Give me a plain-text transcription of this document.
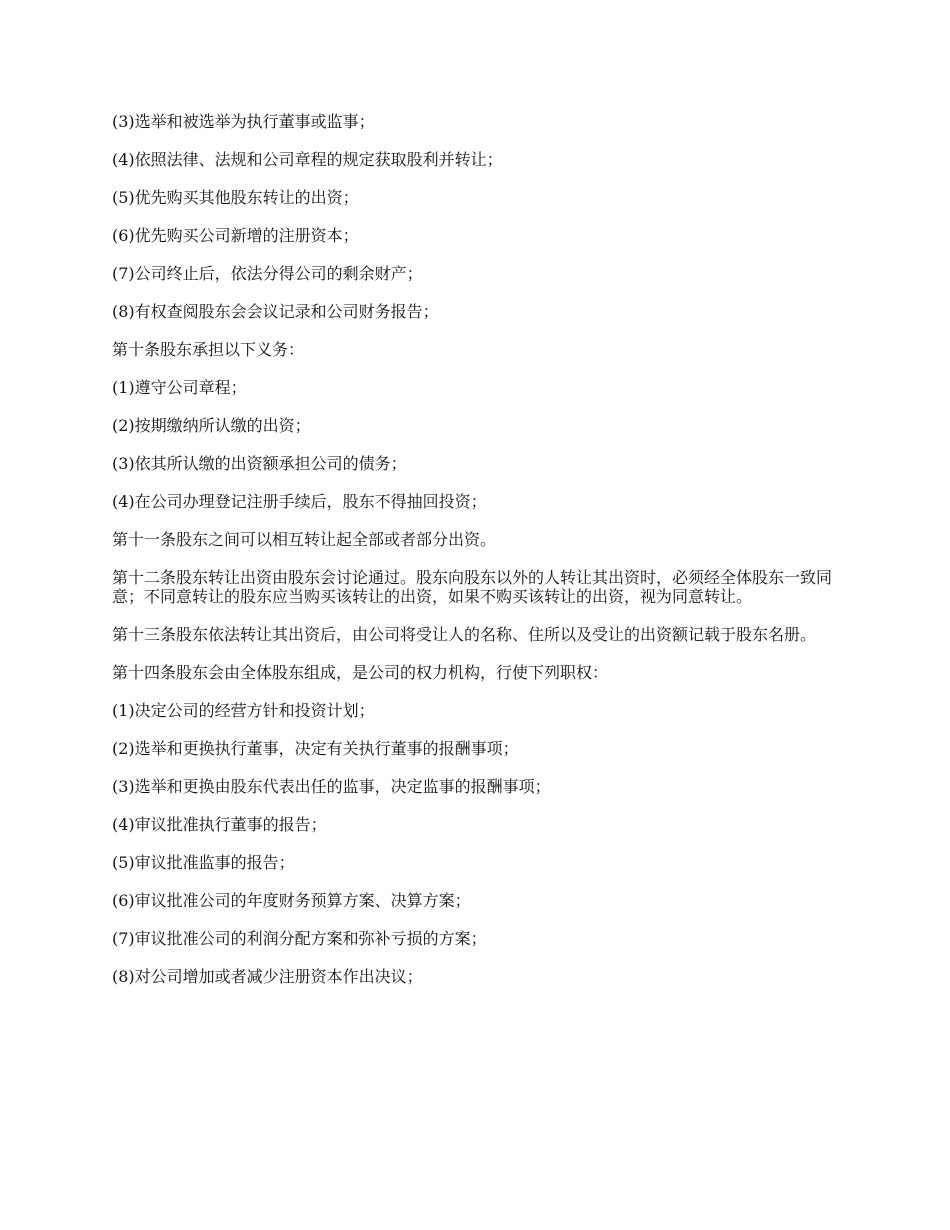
(3)选举和被选举为执行董事或监事；

(4)依照法律、法规和公司章程的规定获取股利并转让；

(5)优先购买其他股东转让的出资；

(6)优先购买公司新增的注册资本；

(7)公司终止后，依法分得公司的剩余财产；

(8)有权查阅股东会会议记录和公司财务报告；

第十条股东承担以下义务：

(1)遵守公司章程；

(2)按期缴纳所认缴的出资；

(3)依其所认缴的出资额承担公司的债务；

(4)在公司办理登记注册手续后，股东不得抽回投资；

第十一条股东之间可以相互转让起全部或者部分出资。

第十二条股东转让出资由股东会讨论通过。股东向股东以外的人转让其出资时，必须经全体股东一致同意；不同意转让的股东应当购买该转让的出资，如果不购买该转让的出资，视为同意转让。

第十三条股东依法转让其出资后，由公司将受让人的名称、住所以及受让的出资额记载于股东名册。

第十四条股东会由全体股东组成，是公司的权力机构，行使下列职权：

(1)决定公司的经营方针和投资计划；

(2)选举和更换执行董事，决定有关执行董事的报酬事项；

(3)选举和更换由股东代表出任的监事，决定监事的报酬事项；

(4)审议批准执行董事的报告；

(5)审议批准监事的报告；

(6)审议批准公司的年度财务预算方案、决算方案；

(7)审议批准公司的利润分配方案和弥补亏损的方案；

(8)对公司增加或者减少注册资本作出决议；
